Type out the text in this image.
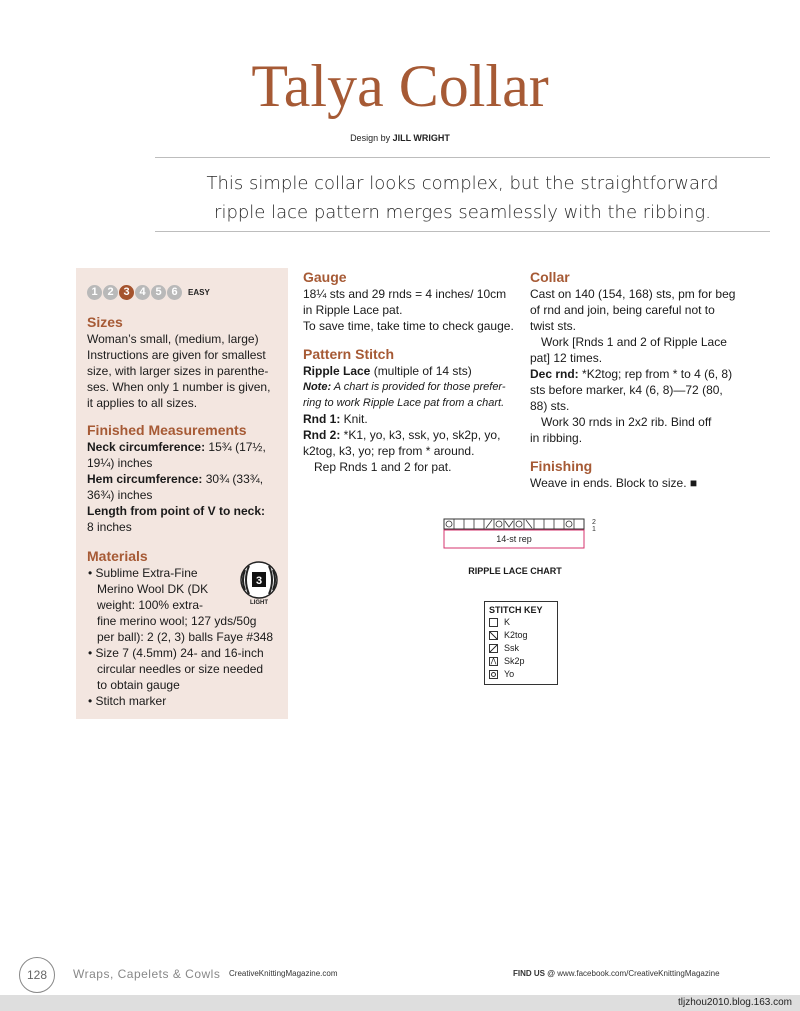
Talya Collar
Design by JILL WRIGHT
This simple collar looks complex, but the straightforward
ripple lace pattern merges seamlessly with the ribbing.
1 2 3 4 5 6	EASY
Sizes
Woman’s small, (medium, large)
Instructions are given for smallest
size, with larger sizes in parenthe-
ses. When only 1 number is given,
it applies to all sizes.
Finished Measurements
Neck circumference: 15¾ (17½,
19¼) inches
Hem circumference: 30¾ (33¾,
36¾) inches
Length from point of V to neck:
8 inches
Materials
• Sublime Extra-Fine
Merino Wool DK (DK
weight: 100% extra-
fine merino wool; 127 yds/50g
per ball): 2 (2, 3) balls Faye #348
• Size 7 (4.5mm) 24- and 16-inch
circular needles or size needed
to obtain gauge
• Stitch marker
3
LIGHT
Gauge
18¼ sts and 29 rnds = 4 inches/ 10cm
in Ripple Lace pat.
To save time, take time to check gauge.
Pattern Stitch
Ripple Lace (multiple of 14 sts)
Note: A chart is provided for those prefer-
ring to work Ripple Lace pat from a chart.
Rnd 1: Knit.
Rnd 2: *K1, yo, k3, ssk, yo, sk2p, yo,
k2tog, k3, yo; rep from * around.
Rep Rnds 1 and 2 for pat.
Collar
Cast on 140 (154, 168) sts, pm for beg
of rnd and join, being careful not to
twist sts.
Work [Rnds 1 and 2 of Ripple Lace
pat] 12 times.
Dec rnd: *K2tog; rep from * to 4 (6, 8)
sts before marker, k4 (6, 8)—72 (80,
88) sts.
Work 30 rnds in 2x2 rib. Bind off
in ribbing.
Finishing
Weave in ends. Block to size. ■
2
1
14-st rep
RIPPLE LACE CHART
STITCH KEY
K
K2tog
Ssk
⋀ Sk2p
Yo
128	Wraps, Capelets & Cowls CreativeKnittingMagazine.com	FIND US @ www.facebook.com/CreativeKnittingMagazine
tljzhou2010.blog.163.com
